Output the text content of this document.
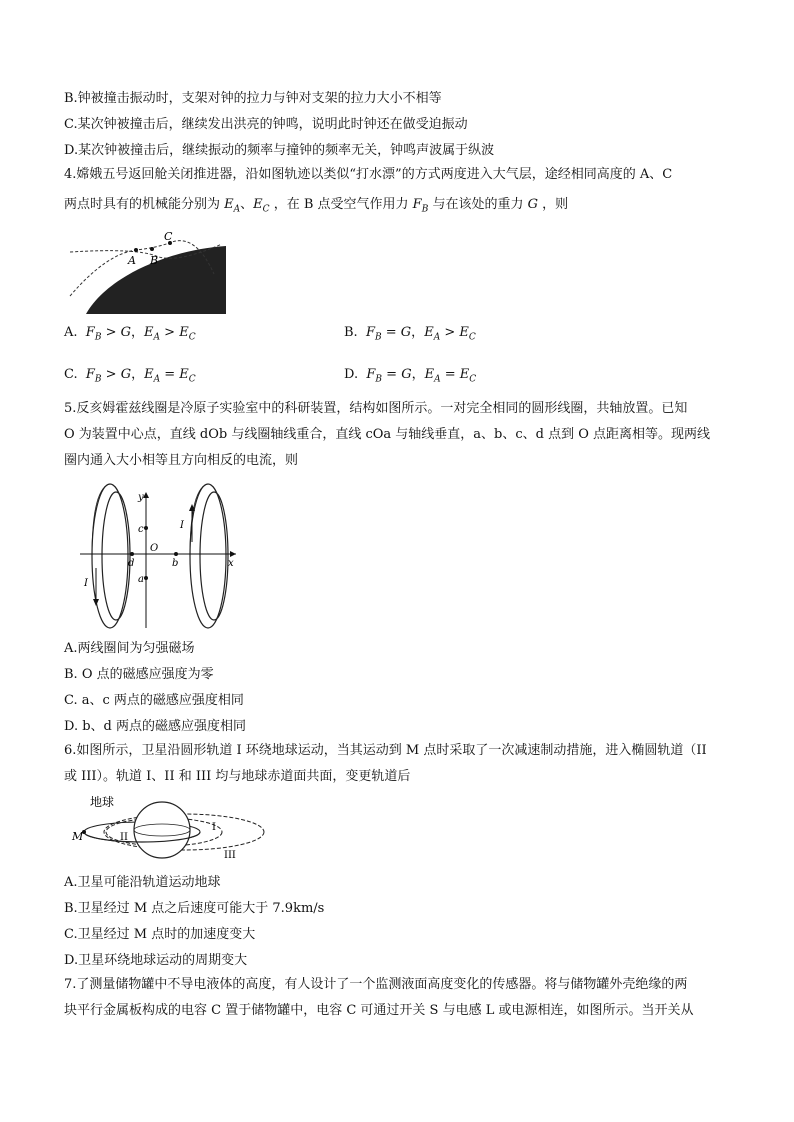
B.钟被撞击振动时，支架对钟的拉力与钟对支架的拉力大小不相等
C.某次钟被撞击后，继续发出洪亮的钟鸣，说明此时钟还在做受迫振动
D.某次钟被撞击后，继续振动的频率与撞钟的频率无关，钟鸣声波属于纵波
4.嫦娥五号返回舱关闭推进器，沿如图轨迹以类似“打水漂”的方式两度进入大气层，途经相同高度的 A、C
两点时具有的机械能分别为 $E_A$、$E_C$ ，在 B 点受空气作用力 $F_B$ 与在该处的重力 G ，则
A B
C
A.  $F_B > G$，$E_A > E_C$	B.  $F_B = G$，$E_A > E_C$
C.  $F_B > G$，$E_A = E_C$	D.  $F_B = G$，$E_A = E_C$
5.反亥姆霍兹线圈是冷原子实验室中的科研装置，结构如图所示。一对完全相同的圆形线圈，共轴放置。已知
O 为装置中心点，直线 dOb 与线圈轴线重合，直线 cOa 与轴线垂直，a、b、c、d 点到 O 点距离相等。现两线
圈内通入大小相等且方向相反的电流，则
y
x
O
c
a
d	b
I
I
A.两线圈间为匀强磁场
B. O 点的磁感应强度为零
C. a、c 两点的磁感应强度相同
D. b、d 两点的磁感应强度相同
6.如图所示，卫星沿圆形轨道 I 环绕地球运动，当其运动到 M 点时采取了一次减速制动措施，进入椭圆轨道（II
或 III）。轨道 I、II 和 III 均与地球赤道面共面，变更轨道后
地球
M	II
I
III
A.卫星可能沿轨道运动地球
B.卫星经过 M 点之后速度可能大于 7.9km/s
C.卫星经过 M 点时的加速度变大
D.卫星环绕地球运动的周期变大
7.了测量储物罐中不导电液体的高度，有人设计了一个监测液面高度变化的传感器。将与储物罐外壳绝缘的两
块平行金属板构成的电容 C 置于储物罐中，电容 C 可通过开关 S 与电感 L 或电源相连，如图所示。当开关从
